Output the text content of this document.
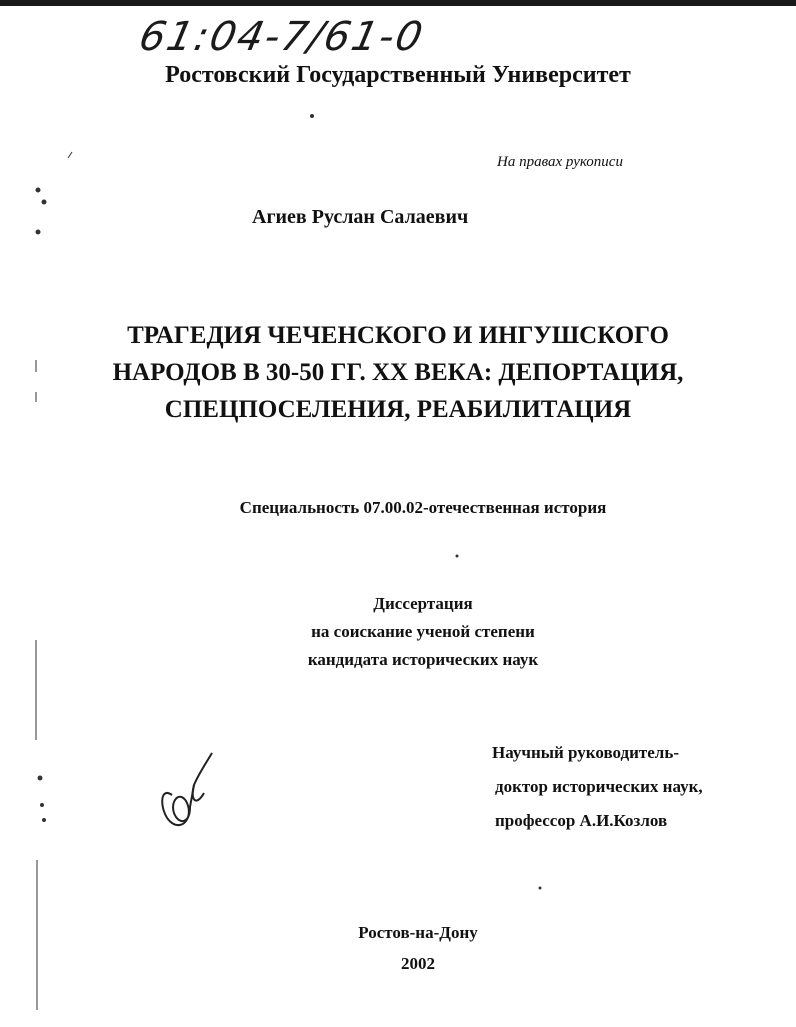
61:04-7/61-0
Ростовский Государственный Университет
На правах рукописи
Агиев Руслан Салаевич
ТРАГЕДИЯ ЧЕЧЕНСКОГО И ИНГУШСКОГО
НАРОДОВ В 30-50 ГГ. XX ВЕКА: ДЕПОРТАЦИЯ,
СПЕЦПОСЕЛЕНИЯ, РЕАБИЛИТАЦИЯ
Специальность 07.00.02-отечественная история
Диссертация
на соискание ученой степени
кандидата исторических наук
Научный руководитель-
доктор исторических наук,
профессор А.И.Козлов
Ростов-на-Дону
2002
